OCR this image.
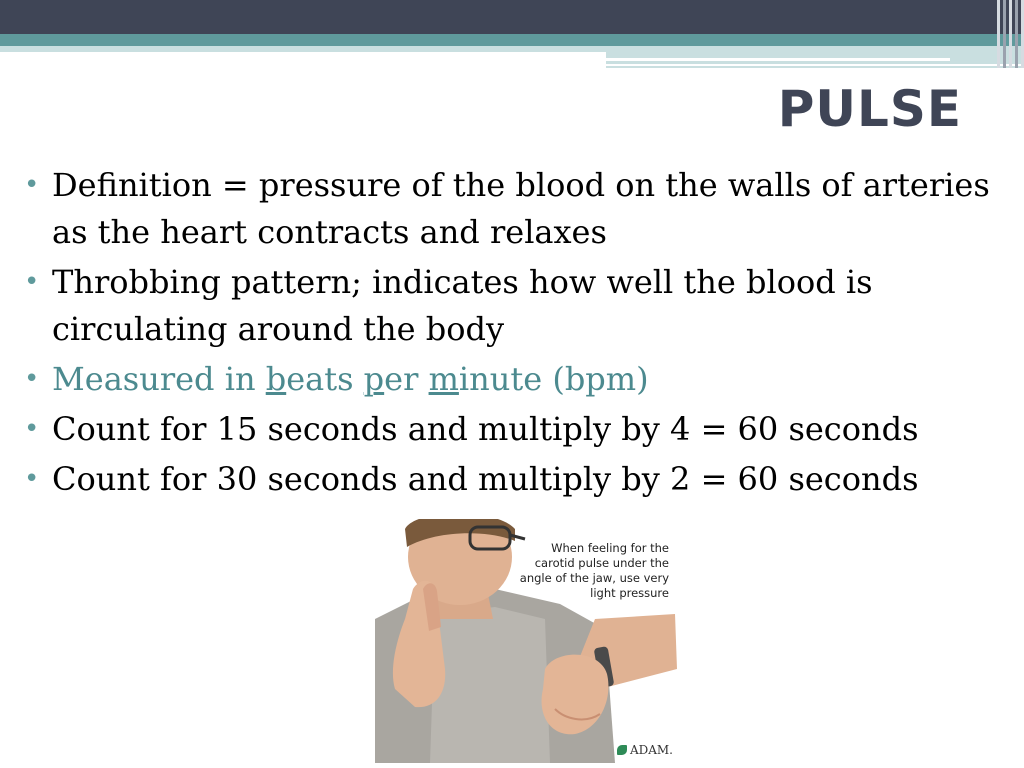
PULSE
• Definition = pressure of the blood on the walls of arteries as the heart contracts and relaxes
• Throbbing pattern; indicates how well the blood is circulating around the body
• Measured in beats per minute (bpm)
• Count for 15 seconds and multiply by 4 = 60 seconds
• Count for 30 seconds and multiply by 2 = 60 seconds

When feeling for the carotid pulse under the angle of the jaw, use very light pressure

ADAM.
